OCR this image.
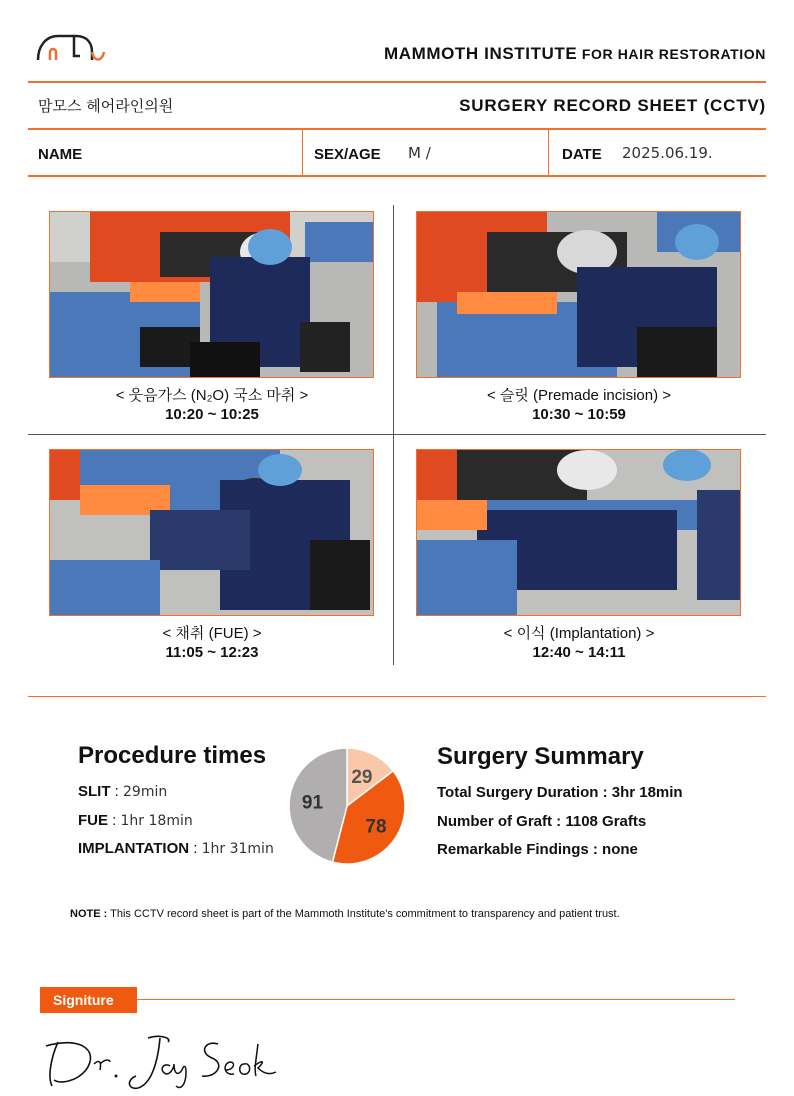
MAMMOTH INSTITUTE FOR HAIR RESTORATION
맘모스 헤어라인의원	SURGERY RECORD SHEET (CCTV)
NAME	SEX/AGE M /	DATE 2025.06.19.
< 웃음가스 (N₂O) 국소 마취 >
10:20 ~ 10:25
< 슬릿 (Premade incision) >
10:30 ~ 10:59
< 채취 (FUE) >
11:05 ~ 12:23
< 이식 (Implantation) >
12:40 ~ 14:11
Procedure times
SLIT : 29min
FUE : 1hr 18min
IMPLANTATION : 1hr 31min
29
78
91
Surgery Summary
Total Surgery Duration : 3hr 18min
Number of Graft : 1108 Grafts
Remarkable Findings : none
NOTE : This CCTV record sheet is part of the Mammoth Institute's commitment to transparency and patient trust.
Signiture
